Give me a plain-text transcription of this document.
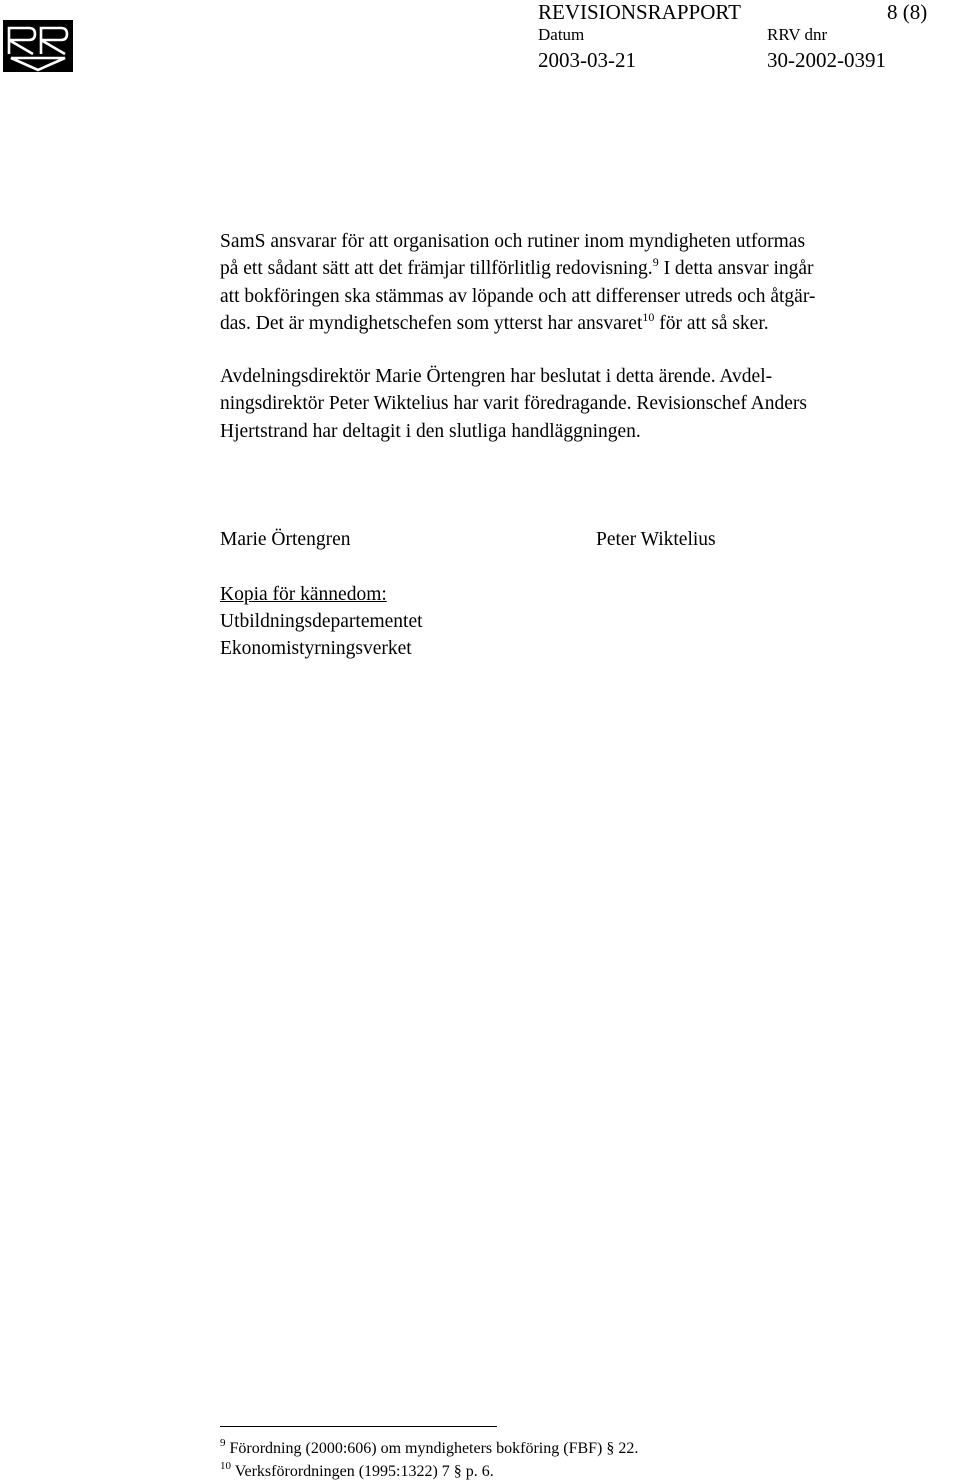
REVISIONSRAPPORT	8 (8)
Datum	RRV dnr
2003-03-21	30-2002-0391
SamS ansvarar för att organisation och rutiner inom myndigheten utformas
på ett sådant sätt att det främjar tillförlitlig redovisning.$^9$ I detta ansvar ingår
att bokföringen ska stämmas av löpande och att differenser utreds och åtgär-
das. Det är myndighetschefen som ytterst har ansvaret$^{10}$ för att så sker.
Avdelningsdirektör Marie Örtengren har beslutat i detta ärende. Avdel-
ningsdirektör Peter Wiktelius har varit föredragande. Revisionschef Anders
Hjertstrand har deltagit i den slutliga handläggningen.
Marie Örtengren	Peter Wiktelius
Kopia för kännedom:
Utbildningsdepartementet
Ekonomistyrningsverket
$^9$ Förordning (2000:606) om myndigheters bokföring (FBF) § 22.
$^{10}$ Verksförordningen (1995:1322) 7 § p. 6.
